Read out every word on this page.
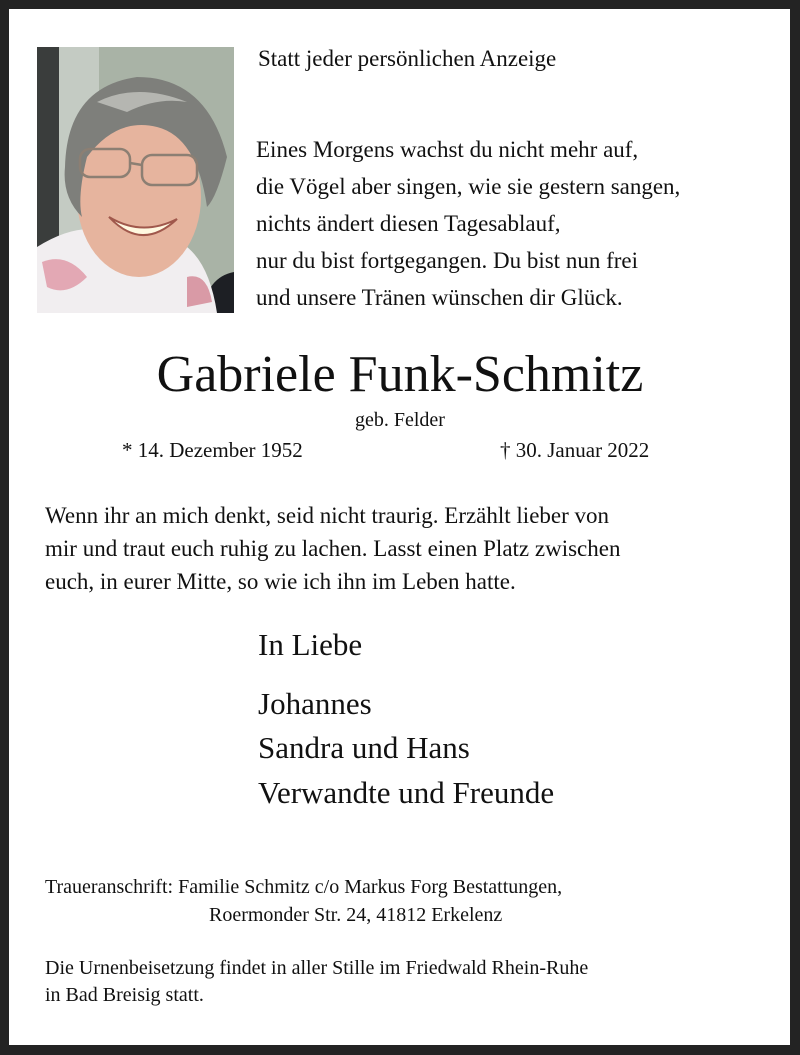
Statt jeder persönlichen Anzeige
Eines Morgens wachst du nicht mehr auf,
die Vögel aber singen, wie sie gestern sangen,
nichts ändert diesen Tagesablauf,
nur du bist fortgegangen. Du bist nun frei
und unsere Tränen wünschen dir Glück.
Gabriele Funk-Schmitz
geb. Felder
* 14. Dezember 1952	† 30. Januar 2022
Wenn ihr an mich denkt, seid nicht traurig. Erzählt lieber von
mir und traut euch ruhig zu lachen. Lasst einen Platz zwischen
euch, in eurer Mitte, so wie ich ihn im Leben hatte.
In Liebe
Johannes
Sandra und Hans
Verwandte und Freunde
Traueranschrift: Familie Schmitz c/o Markus Forg Bestattungen,
Roermonder Str. 24, 41812 Erkelenz
Die Urnenbeisetzung findet in aller Stille im Friedwald Rhein-Ruhe
in Bad Breisig statt.
